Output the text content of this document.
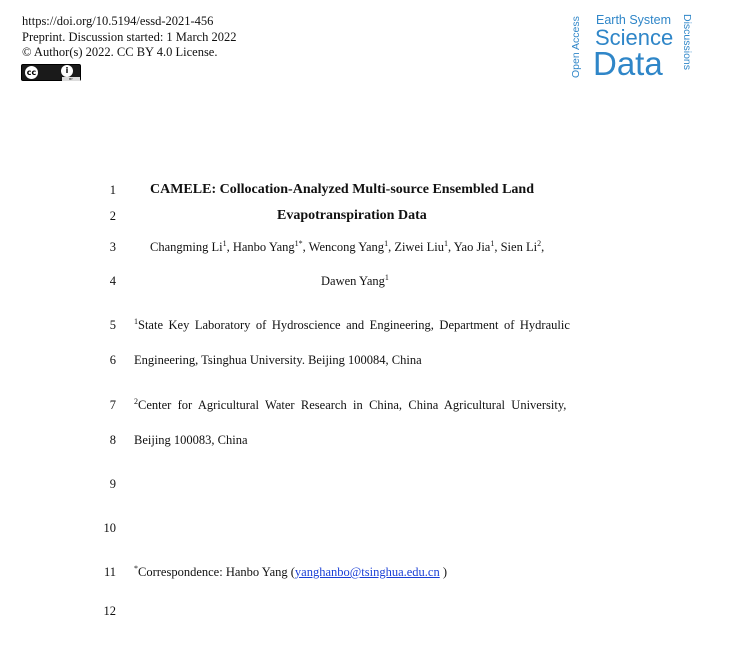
https://doi.org/10.5194/essd-2021-456
Preprint. Discussion started: 1 March 2022
© Author(s) 2022. CC BY 4.0 License.
cc	i
BY
Open Access Earth System
Science
Data Discussions
1
2
3
4
5
6
7
8
9
10
11
12
CAMELE: Collocation-Analyzed Multi-source Ensembled Land
Evapotranspiration Data
Changming Li$^1$, Hanbo Yang$^{1*}$, Wencong Yang$^1$, Ziwei Liu$^1$, Yao Jia$^1$, Sien Li$^2$,
Dawen Yang$^1$
$^1$State Key Laboratory of Hydroscience and Engineering, Department of Hydraulic
Engineering, Tsinghua University. Beijing 100084, China
$^2$Center for Agricultural Water Research in China, China Agricultural University,
Beijing 100083, China
*Correspondence: Hanbo Yang (yanghanbo@tsinghua.edu.cn )
